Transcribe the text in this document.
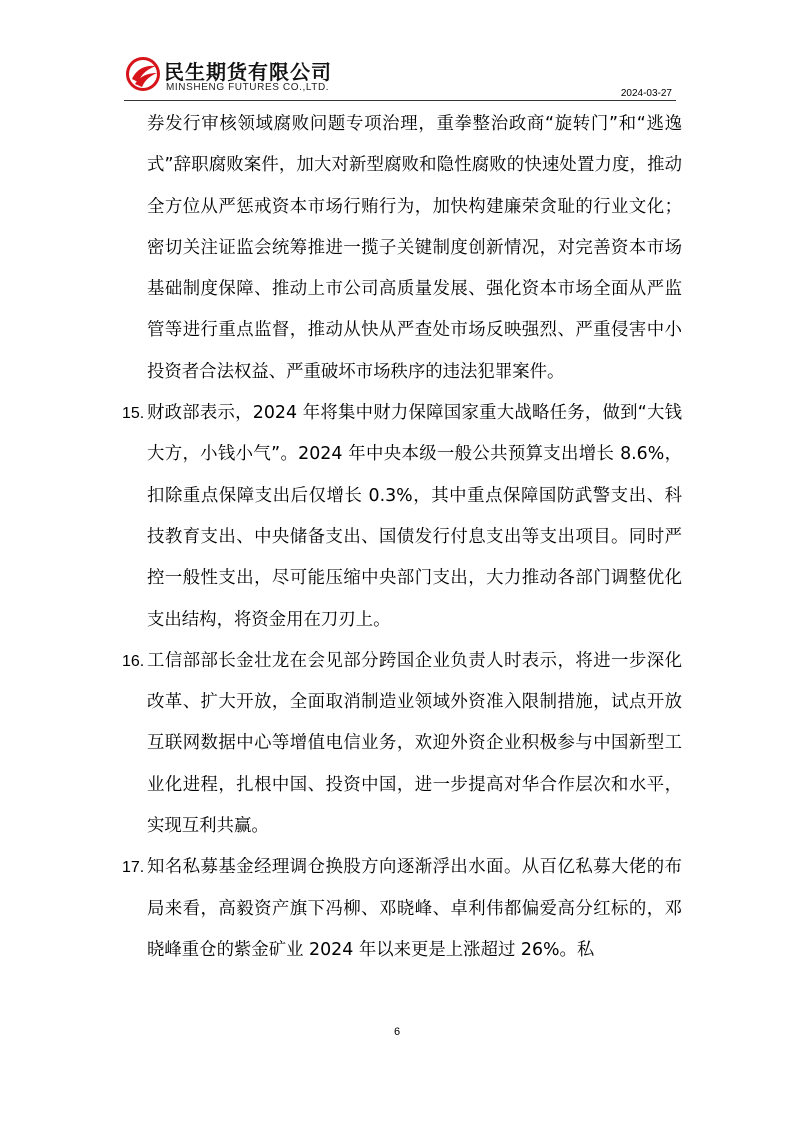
民生期货有限公司
MINSHENG FUTURES CO.,LTD.
2024-03-27

券发行审核领域腐败问题专项治理，重拳整治政商“旋转门”和“逃逸式”辞职腐败案件，加大对新型腐败和隐性腐败的快速处置力度，推动全方位从严惩戒资本市场行贿行为，加快构建廉荣贪耻的行业文化；密切关注证监会统筹推进一揽子关键制度创新情况，对完善资本市场基础制度保障、推动上市公司高质量发展、强化资本市场全面从严监管等进行重点监督，推动从快从严查处市场反映强烈、严重侵害中小投资者合法权益、严重破坏市场秩序的违法犯罪案件。

15. 财政部表示，2024 年将集中财力保障国家重大战略任务，做到“大钱大方，小钱小气”。2024 年中央本级一般公共预算支出增长 8.6%，扣除重点保障支出后仅增长 0.3%，其中重点保障国防武警支出、科技教育支出、中央储备支出、国债发行付息支出等支出项目。同时严控一般性支出，尽可能压缩中央部门支出，大力推动各部门调整优化支出结构，将资金用在刀刃上。
16. 工信部部长金壮龙在会见部分跨国企业负责人时表示，将进一步深化改革、扩大开放，全面取消制造业领域外资准入限制措施，试点开放互联网数据中心等增值电信业务，欢迎外资企业积极参与中国新型工业化进程，扎根中国、投资中国，进一步提高对华合作层次和水平，实现互利共赢。
17. 知名私募基金经理调仓换股方向逐渐浮出水面。从百亿私募大佬的布局来看，高毅资产旗下冯柳、邓晓峰、卓利伟都偏爱高分红标的，邓晓峰重仓的紫金矿业 2024 年以来更是上涨超过 26%。私
6
